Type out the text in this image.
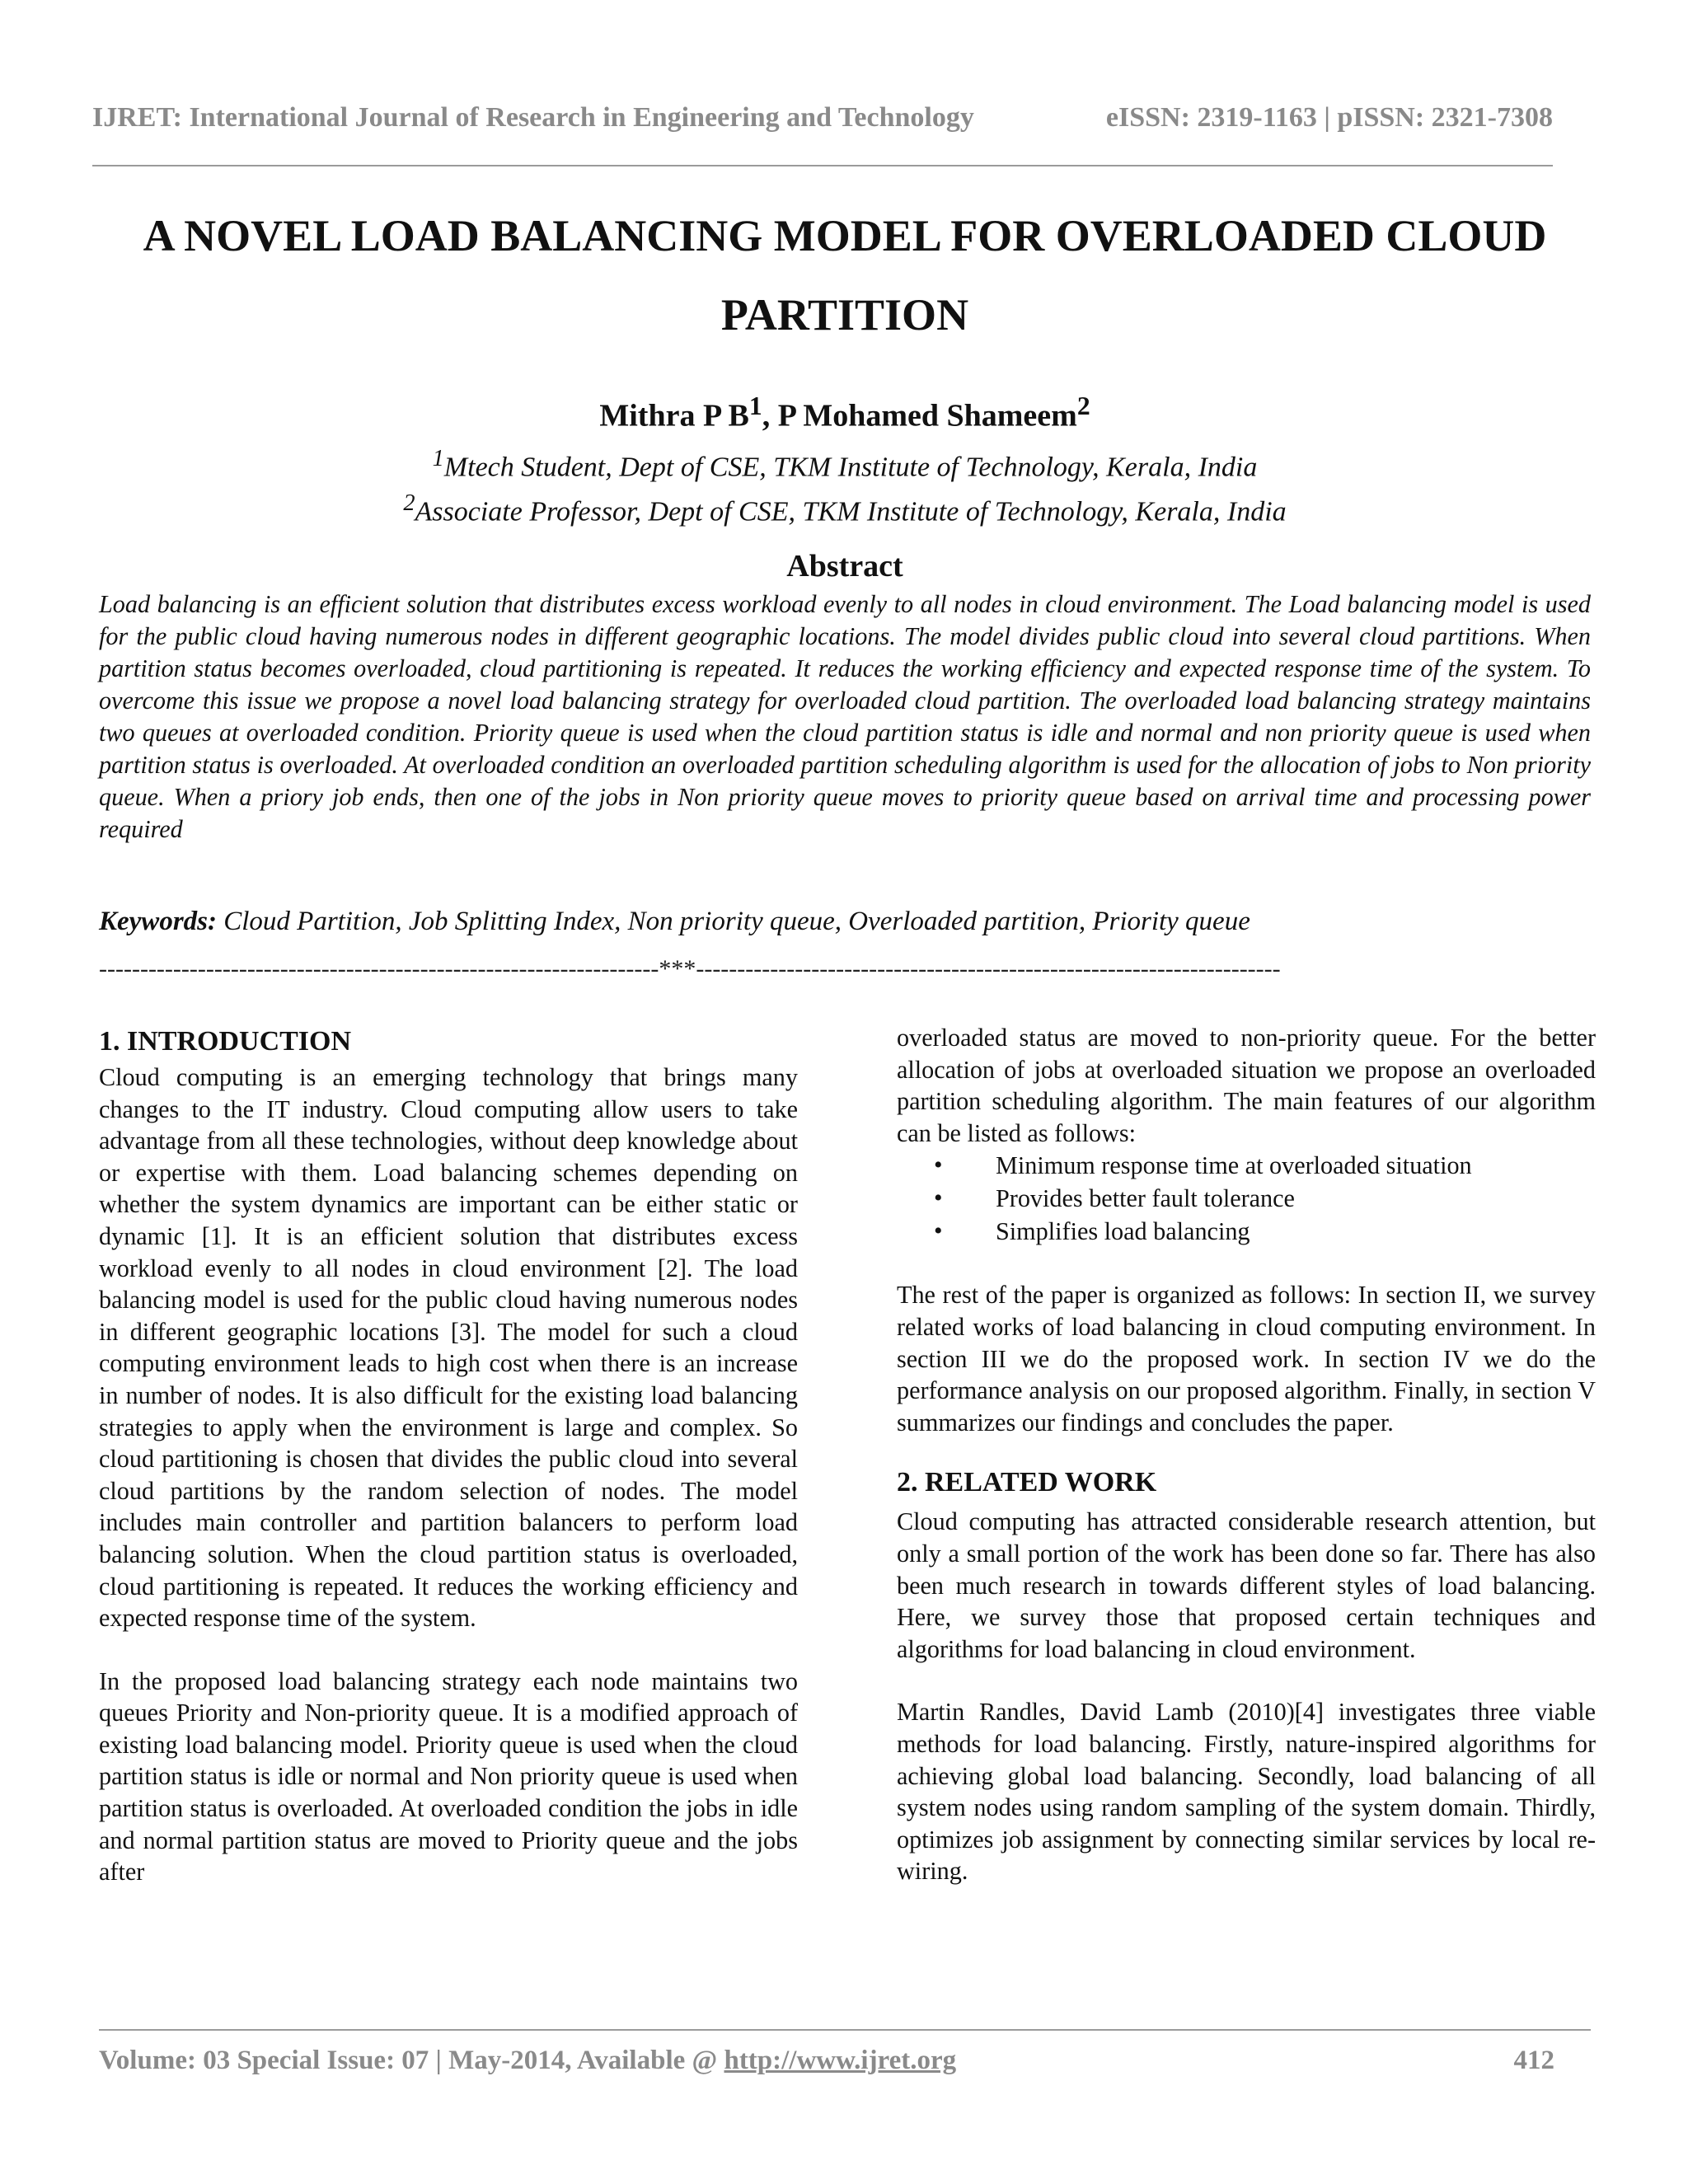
IJRET: International Journal of Research in Engineering and Technology	eISSN: 2319-1163 | pISSN: 2321-7308
A NOVEL LOAD BALANCING MODEL FOR OVERLOADED CLOUD PARTITION
Mithra P $B^1$, P Mohamed Shameem$^2$
$^1$Mtech Student, Dept of CSE, TKM Institute of Technology, Kerala, India
$^2$Associate Professor, Dept of CSE, TKM Institute of Technology, Kerala, India
Abstract

Load balancing is an efficient solution that distributes excess workload evenly to all nodes in cloud environment. The Load balancing model is used for the public cloud having numerous nodes in different geographic locations. The model divides public cloud into several cloud partitions. When partition status becomes overloaded, cloud partitioning is repeated. It reduces the working efficiency and expected response time of the system. To overcome this issue we propose a novel load balancing strategy for overloaded cloud partition. The overloaded load balancing strategy maintains two queues at overloaded condition. Priority queue is used when the cloud partition status is idle and normal and non priority queue is used when partition status is overloaded. At overloaded condition an overloaded partition scheduling algorithm is used for the allocation of jobs to Non priority queue. When a priory job ends, then one of the jobs in Non priority queue moves to priority queue based on arrival time and processing power required

Keywords: Cloud Partition, Job Splitting Index, Non priority queue, Overloaded partition, Priority queue
--------------------------------------------------------------------***-----------------------------------------------------------------------
1. INTRODUCTION

Cloud computing is an emerging technology that brings many changes to the IT industry. Cloud computing allow users to take advantage from all these technologies, without deep knowledge about or expertise with them. Load balancing schemes depending on whether the system dynamics are important can be either static or dynamic [1]. It is an efficient solution that distributes excess workload evenly to all nodes in cloud environment [2]. The load balancing model is used for the public cloud having numerous nodes in different geographic locations [3]. The model for such a cloud computing environment leads to high cost when there is an increase in number of nodes. It is also difficult for the existing load balancing strategies to apply when the environment is large and complex. So cloud partitioning is chosen that divides the public cloud into several cloud partitions by the random selection of nodes. The model includes main controller and partition balancers to perform load balancing solution. When the cloud partition status is overloaded, cloud partitioning is repeated. It reduces the working efficiency and expected response time of the system.

In the proposed load balancing strategy each node maintains two queues Priority and Non-priority queue. It is a modified approach of existing load balancing model. Priority queue is used when the cloud partition status is idle or normal and Non priority queue is used when partition status is overloaded. At overloaded condition the jobs in idle and normal partition status are moved to Priority queue and the jobs after

overloaded status are moved to non-priority queue. For the better allocation of jobs at overloaded situation we propose an overloaded partition scheduling algorithm. The main features of our algorithm can be listed as follows:

• Minimum response time at overloaded situation
• Provides better fault tolerance
• Simplifies load balancing

The rest of the paper is organized as follows: In section II, we survey related works of load balancing in cloud computing environment. In section III we do the proposed work. In section IV we do the performance analysis on our proposed algorithm. Finally, in section V summarizes our findings and concludes the paper.

2. RELATED WORK

Cloud computing has attracted considerable research attention, but only a small portion of the work has been done so far. There has also been much research in towards different styles of load balancing. Here, we survey those that proposed certain techniques and algorithms for load balancing in cloud environment.

Martin Randles, David Lamb (2010)[4] investigates three viable methods for load balancing. Firstly, nature-inspired algorithms for achieving global load balancing. Secondly, load balancing of all system nodes using random sampling of the system domain. Thirdly, optimizes job assignment by connecting similar services by local re-wiring.

Volume: 03 Special Issue: 07 | May-2014, Available @ http://www.ijret.org	412
